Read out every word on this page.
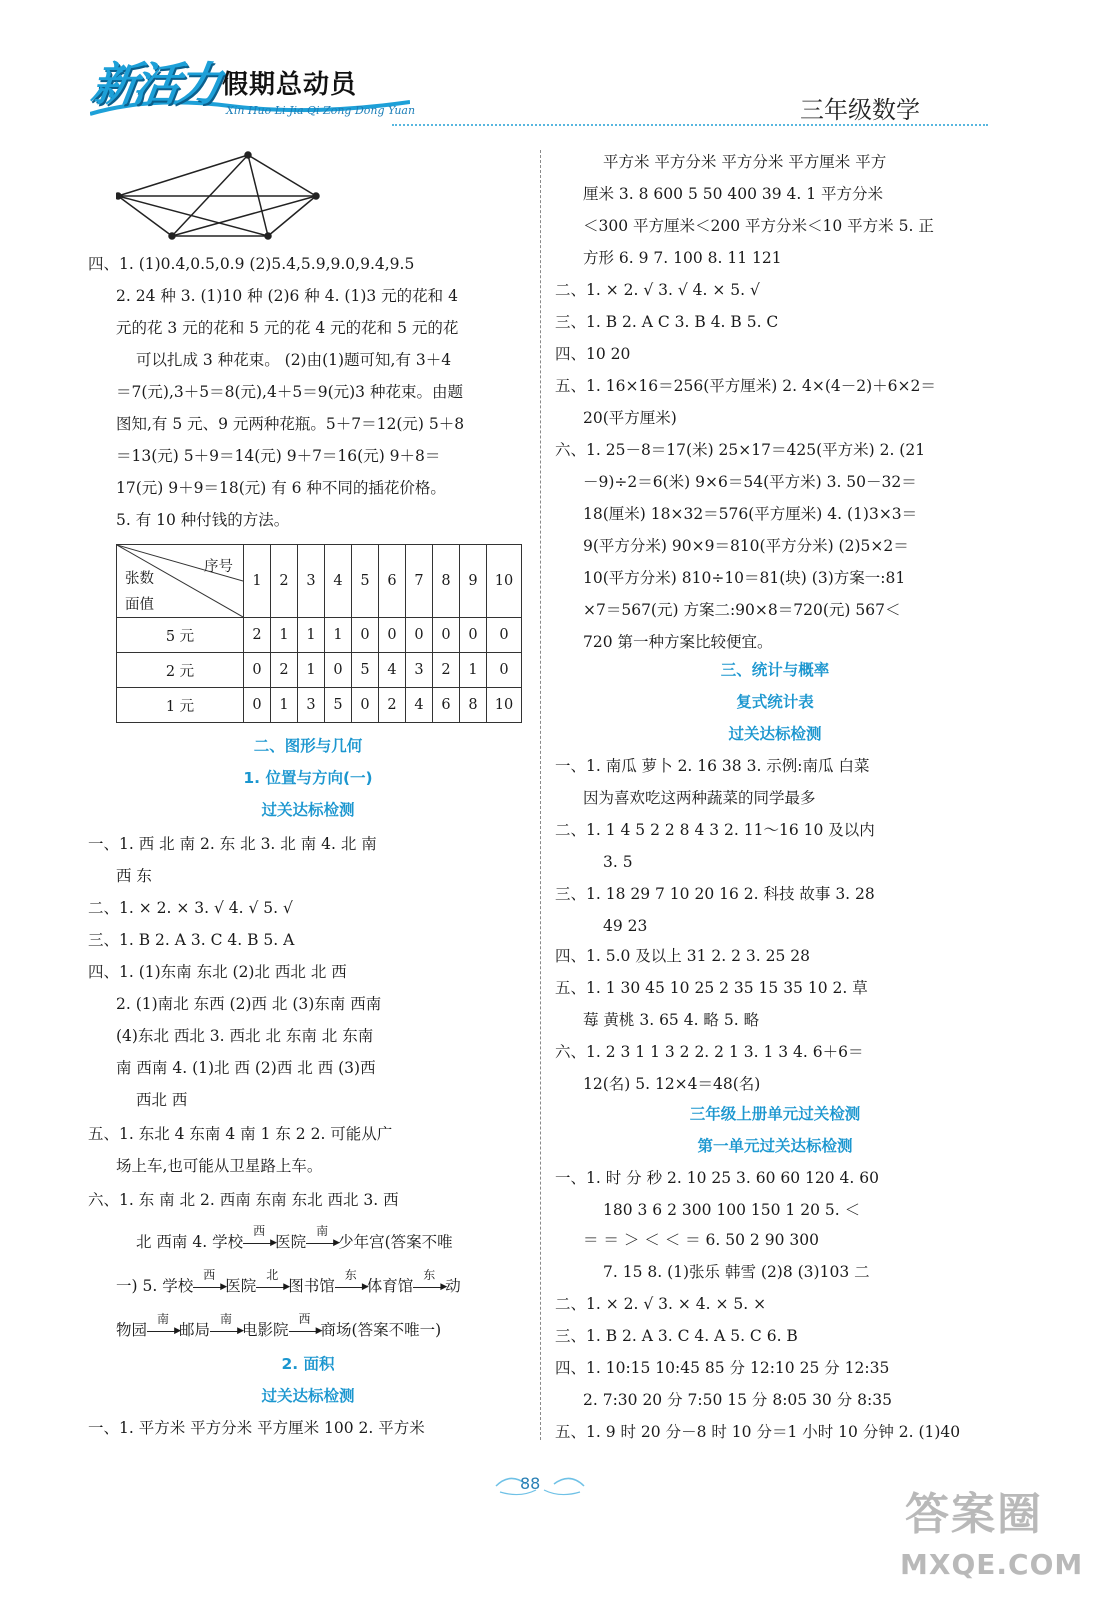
新活力 假期总动员
Xin Huo Li Jia Qi Zong Dong Yuan	三年级数学
四、1. (1)0.4,0.5,0.9 (2)5.4,5.9,9.0,9.4,9.5
2. 24 种 3. (1)10 种 (2)6 种 4. (1)3 元的花和 4
元的花 3 元的花和 5 元的花 4 元的花和 5 元的花
可以扎成 3 种花束。 (2)由(1)题可知,有 3＋4
＝7(元),3＋5＝8(元),4＋5＝9(元)3 种花束。由题
图知,有 5 元、9 元两种花瓶。5＋7＝12(元) 5＋8
＝13(元) 5＋9＝14(元) 9＋7＝16(元) 9＋8＝
17(元) 9＋9＝18(元) 有 6 种不同的插花价格。
5. 有 10 种付钱的方法。
二、图形与几何
1. 位置与方向(一)
过关达标检测
一、1. 西 北 南 2. 东 北 3. 北 南 4. 北 南
西 东
二、1. × 2. × 3. √ 4. √ 5. √
三、1. B 2. A 3. C 4. B 5. A
四、1. (1)东南 东北 (2)北 西北 北 西
2. (1)南北 东西 (2)西 北 (3)东南 西南
(4)东北 西北 3. 西北 北 东南 北 东南
南 西南 4. (1)北 西 (2)西 北 西 (3)西
西北 西
五、1. 东北 4 东南 4 南 1 东 2 2. 可能从广
场上车,也可能从卫星路上车。
六、1. 东 南 北 2. 西南 东南 东北 西北 3. 西
北 西南 4. 学校
西
▶
医院
南
▶
少年宫(答案不唯
一) 5. 学校
西
▶
医院
北
▶
图书馆
东
▶
体育馆
东
▶
动
物园
南
▶
邮局
南
▶
电影院
西
▶
商场(答案不唯一)
2. 面积
过关达标检测
一、1. 平方米 平方分米 平方厘米 100 2. 平方米
序号
张数
面值	1	2	3	4	5	6	7	8	9	10
5 元	2	1	1	1	0	0	0	0	0	0
2 元	0	2	1	0	5	4	3	2	1	0
1 元	0	1	3	5	0	2	4	6	8	10
平方米 平方分米 平方分米 平方厘米 平方
厘米 3. 8 600 5 50 400 39 4. 1 平方分米
＜300 平方厘米＜200 平方分米＜10 平方米 5. 正
方形 6. 9 7. 100 8. 11 121
二、1. × 2. √ 3. √ 4. × 5. √
三、1. B 2. A C 3. B 4. B 5. C
四、10 20
五、1. 16×16＝256(平方厘米) 2. 4×(4－2)＋6×2＝
20(平方厘米)
六、1. 25－8＝17(米) 25×17＝425(平方米) 2. (21
－9)÷2＝6(米) 9×6＝54(平方米) 3. 50－32＝
18(厘米) 18×32＝576(平方厘米) 4. (1)3×3＝
9(平方分米) 90×9＝810(平方分米) (2)5×2＝
10(平方分米) 810÷10＝81(块) (3)方案一:81
×7＝567(元) 方案二:90×8＝720(元) 567＜
720 第一种方案比较便宜。
三、统计与概率
复式统计表
过关达标检测
一、1. 南瓜 萝卜 2. 16 38 3. 示例:南瓜 白菜
因为喜欢吃这两种蔬菜的同学最多
二、1. 1 4 5 2 2 8 4 3 2. 11～16 10 及以内
3. 5
三、1. 18 29 7 10 20 16 2. 科技 故事 3. 28
49 23
四、1. 5.0 及以上 31 2. 2 3. 25 28
五、1. 1 30 45 10 25 2 35 15 35 10 2. 草
莓 黄桃 3. 65 4. 略 5. 略
六、1. 2 3 1 1 3 2 2. 2 1 3. 1 3 4. 6＋6＝
12(名) 5. 12×4＝48(名)
三年级上册单元过关检测
第一单元过关达标检测
一、1. 时 分 秒 2. 10 25 3. 60 60 120 4. 60
180 3 6 2 300 100 150 1 20 5. ＜
＝ ＝ ＞ ＜ ＜ ＝ 6. 50 2 90 300
7. 15 8. (1)张乐 韩雪 (2)8 (3)103 二
二、1. × 2. √ 3. × 4. × 5. ×
三、1. B 2. A 3. C 4. A 5. C 6. B
四、1. 10:15 10:45 85 分 12:10 25 分 12:35
2. 7:30 20 分 7:50 15 分 8:05 30 分 8:35
五、1. 9 时 20 分－8 时 10 分＝1 小时 10 分钟 2. (1)40
88
答案圈
MXQE.COM
